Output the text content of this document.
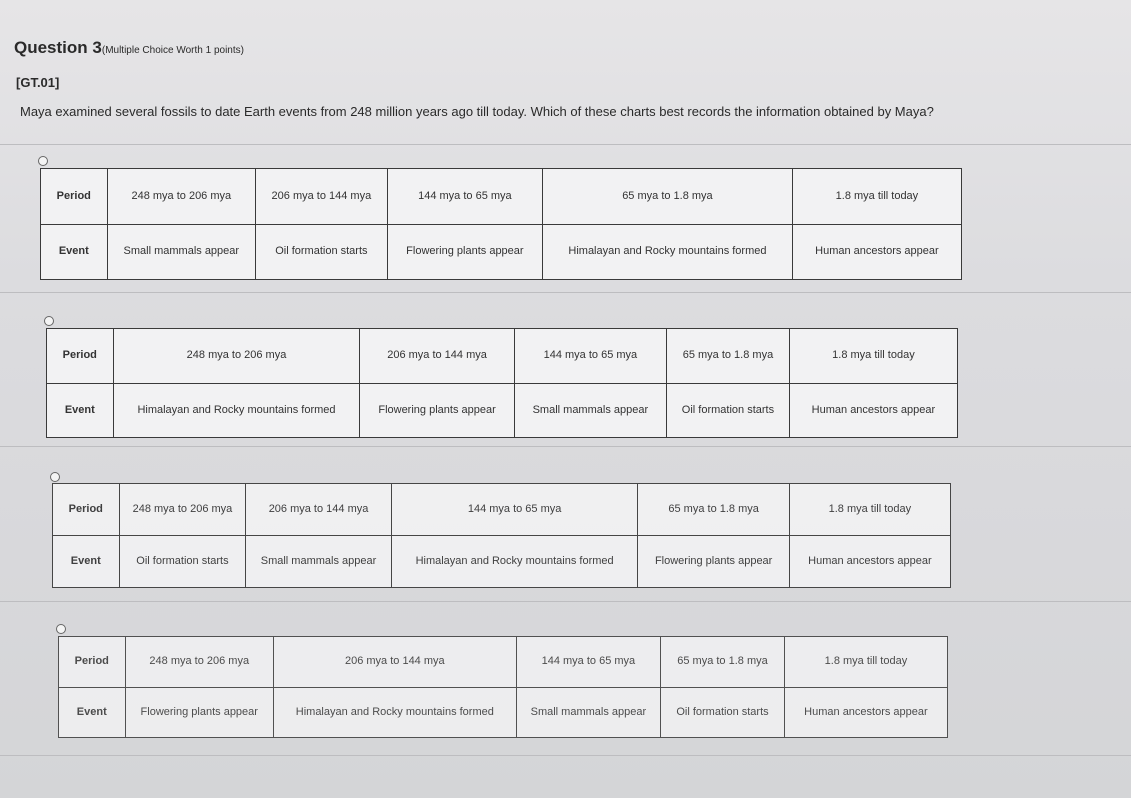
Question 3(Multiple Choice Worth 1 points)
[GT.01]
Maya examined several fossils to date Earth events from 248 million years ago till today. Which of these charts best records the information obtained by Maya?
Period	248 mya to 206 mya	206 mya to 144 mya	144 mya to 65 mya	65 mya to 1.8 mya	1.8 mya till today
Event	Small mammals appear	Oil formation starts	Flowering plants appear	Himalayan and Rocky mountains formed	Human ancestors appear
Period	248 mya to 206 mya	206 mya to 144 mya	144 mya to 65 mya	65 mya to 1.8 mya	1.8 mya till today
Event	Himalayan and Rocky mountains formed	Flowering plants appear	Small mammals appear	Oil formation starts	Human ancestors appear
Period	248 mya to 206 mya	206 mya to 144 mya	144 mya to 65 mya	65 mya to 1.8 mya	1.8 mya till today
Event	Oil formation starts	Small mammals appear	Himalayan and Rocky mountains formed	Flowering plants appear	Human ancestors appear
Period	248 mya to 206 mya	206 mya to 144 mya	144 mya to 65 mya	65 mya to 1.8 mya	1.8 mya till today
Event	Flowering plants appear	Himalayan and Rocky mountains formed	Small mammals appear	Oil formation starts	Human ancestors appear
